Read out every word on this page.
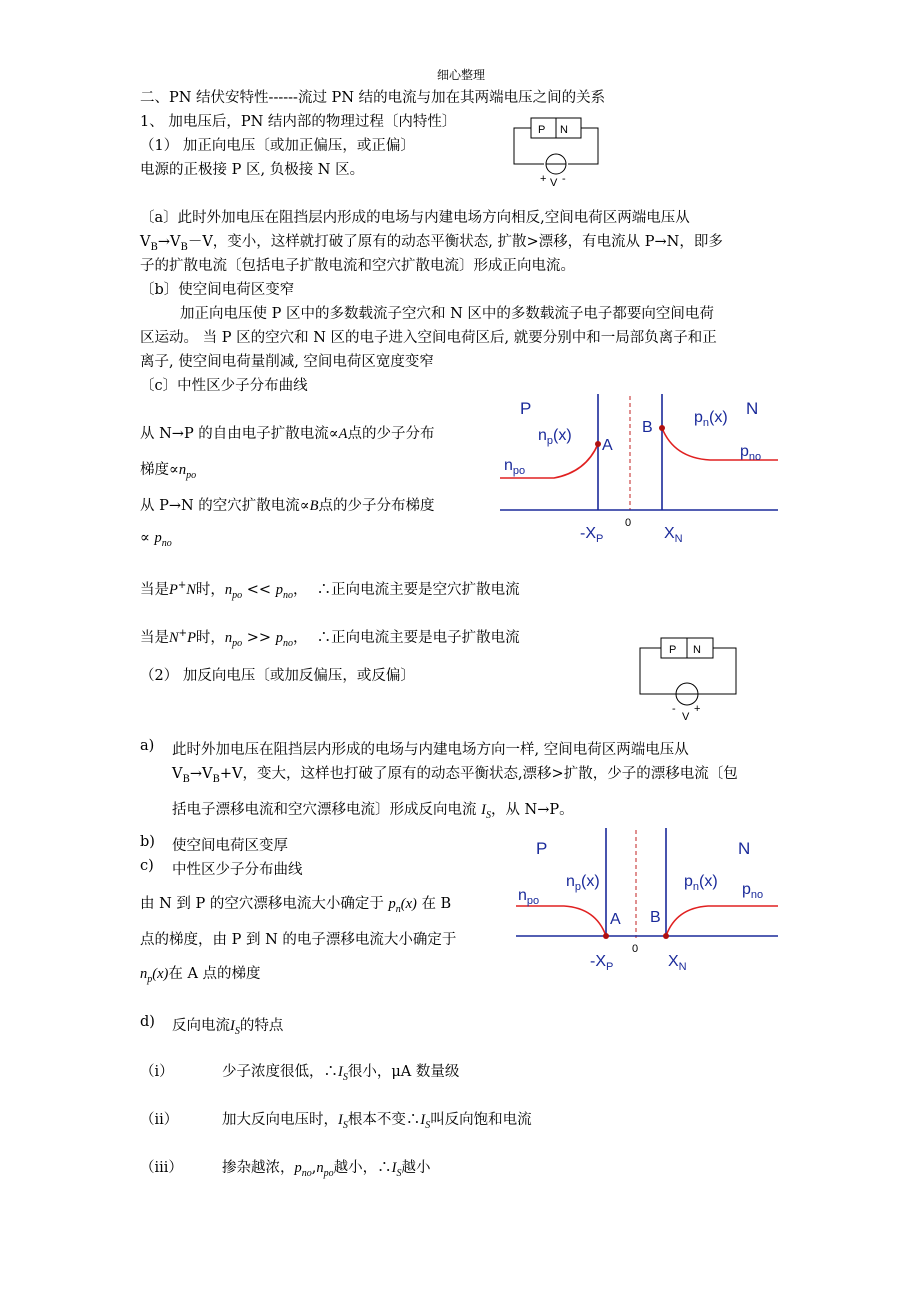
细心整理
二、PN 结伏安特性------流过 PN 结的电流与加在其两端电压之间的关系
1、 加电压后，PN 结内部的物理过程〔内特性〕
（1） 加正向电压〔或加正偏压，或正偏〕
电源的正极接 P 区, 负极接 N 区。
P N
+ V -
〔a〕此时外加电压在阻挡层内形成的电场与内建电场方向相反,空间电荷区两端电压从
$V_B\to V_B-V$，变小，这样就打破了原有的动态平衡状态, 扩散>漂移，有电流从 P→N，即多
子的扩散电流〔包括电子扩散电流和空穴扩散电流〕形成正向电流。
〔b〕使空间电荷区变窄
加正向电压使 P 区中的多数载流子空穴和 N 区中的多数载流子电子都要向空间电荷
区运动。 当 P 区的空穴和 N 区的电子进入空间电荷区后, 就要分别中和一局部负离子和正
离子, 使空间电荷量削减, 空间电荷区宽度变窄
〔c〕中性区少子分布曲线
P	N
$n_p(x)$
A
B
$p_n(x)$
$n_{po}$
$p_{no}$
$-X_P$
0
$X_N$
从 N→P 的自由电子扩散电流∝A点的少子分布
梯度$\propto n_{po}$
从 P→N 的空穴扩散电流∝B点的少子分布梯度
∝ $p_{no}$
当是P+N时，$n_{po} << p_{no}$，  ∴正向电流主要是空穴扩散电流
当是N+P时，$n_{po} >> p_{no}$，  ∴正向电流主要是电子扩散电流
（2） 加反向电压〔或加反偏压，或反偏〕
P N
-
V
+
a) 此时外加电压在阻挡层内形成的电场与内建电场方向一样, 空间电荷区两端电压从
$V_B\to V_B+V$，变大，这样也打破了原有的动态平衡状态,漂移>扩散，少子的漂移电流〔包
括电子漂移电流和空穴漂移电流〕形成反向电流 $I_S$，从 N→P。
b) 使空间电荷区变厚
c) 中性区少子分布曲线
P	N
$n_p(x)$	$p_n(x)$
$n_{po}$
$p_{no}$
A B
$-X_P$
0
$X_N$
由 N 到 P 的空穴漂移电流大小确定于 $p_n(x)$ 在 B
点的梯度，由 P 到 N 的电子漂移电流大小确定于
$n_p(x)$在 A 点的梯度
d) 反向电流$I_S$的特点
（i）	少子浓度很低，$\therefore I_S$很小，μA 数量级
（ii）	加大反向电压时，$I_S$根本不变$\therefore I_S$叫反向饱和电流
（iii）	掺杂越浓，$p_{no},n_{po}$越小，$\therefore I_S$越小
